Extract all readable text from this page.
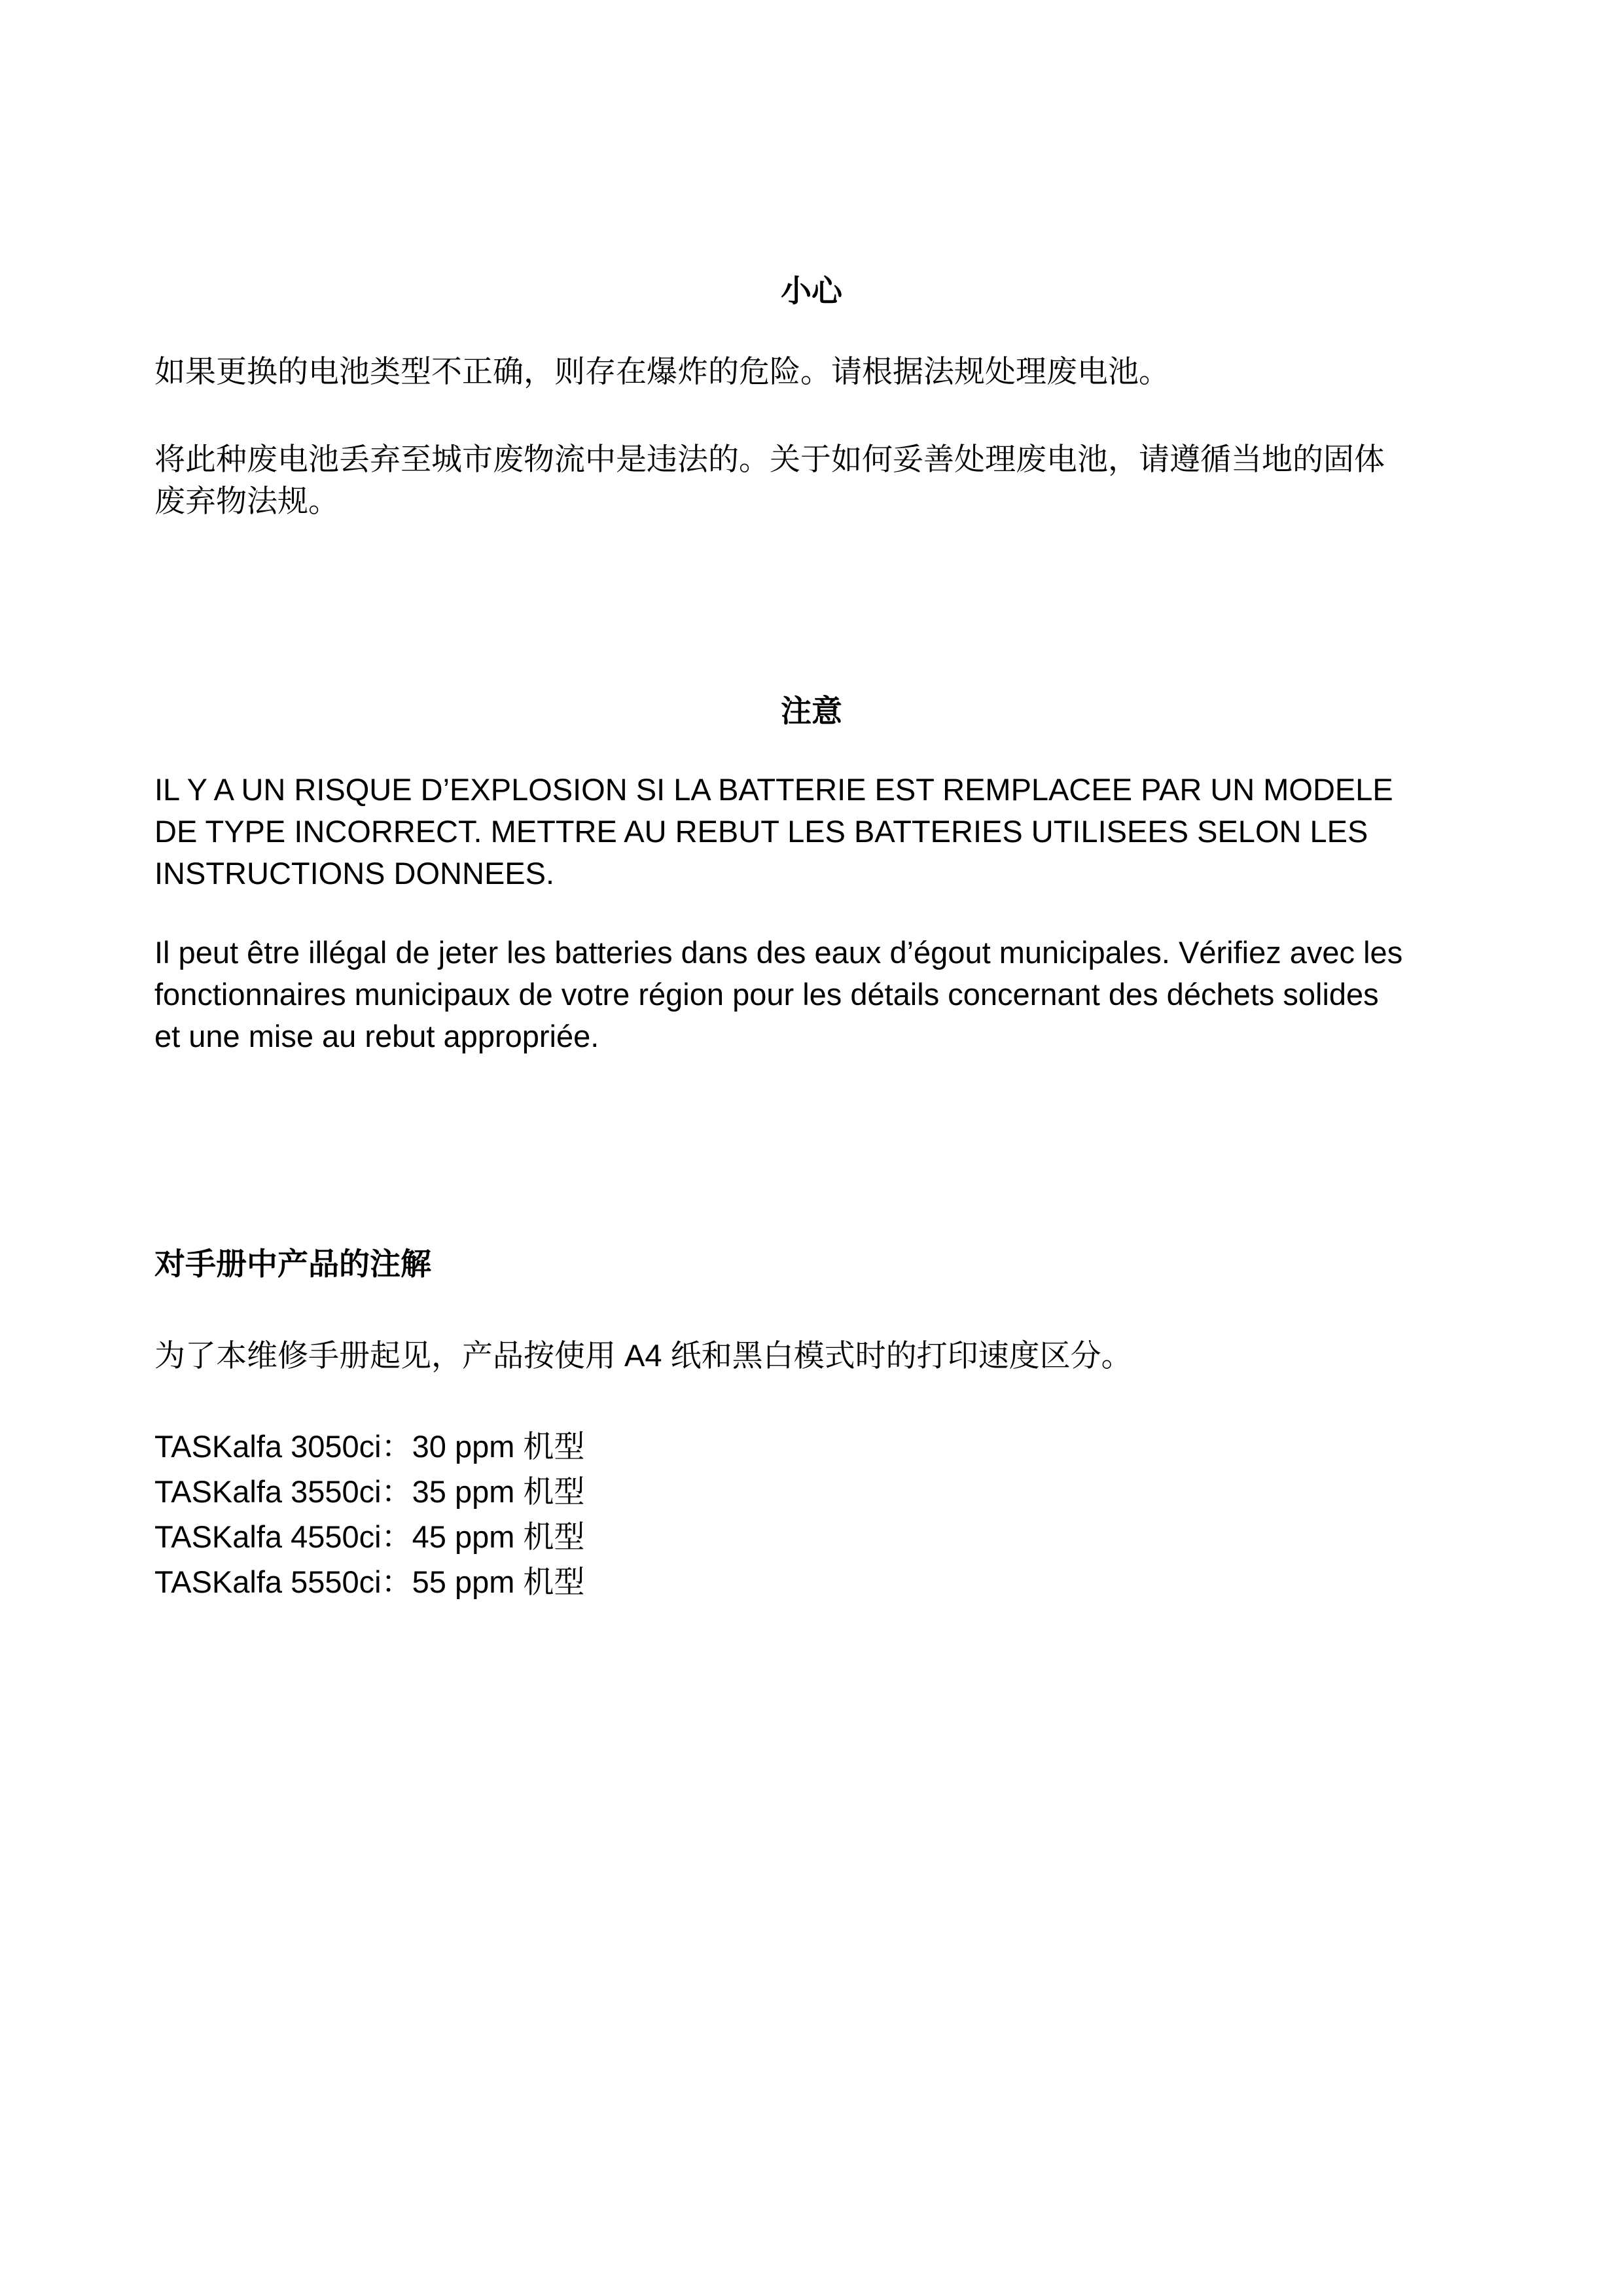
小心

如果更换的电池类型不正确，则存在爆炸的危险。请根据法规处理废电池。

将此种废电池丢弃至城市废物流中是违法的。关于如何妥善处理废电池，请遵循当地的固体
废弃物法规。
注意
IL Y A UN RISQUE D’EXPLOSION SI LA BATTERIE EST REMPLACEE PAR UN MODELE
DE TYPE INCORRECT. METTRE AU REBUT LES BATTERIES UTILISEES SELON LES
INSTRUCTIONS DONNEES.
Il peut être illégal de jeter les batteries dans des eaux d’égout municipales. Vérifiez avec les
fonctionnaires municipaux de votre région pour les détails concernant des déchets solides
et une mise au rebut appropriée.
对手册中产品的注解

为了本维修手册起见，产品按使用 A4 纸和黑白模式时的打印速度区分。

TASKalfa 3050ci：30 ppm 机型
TASKalfa 3550ci：35 ppm 机型
TASKalfa 4550ci：45 ppm 机型
TASKalfa 5550ci：55 ppm 机型
